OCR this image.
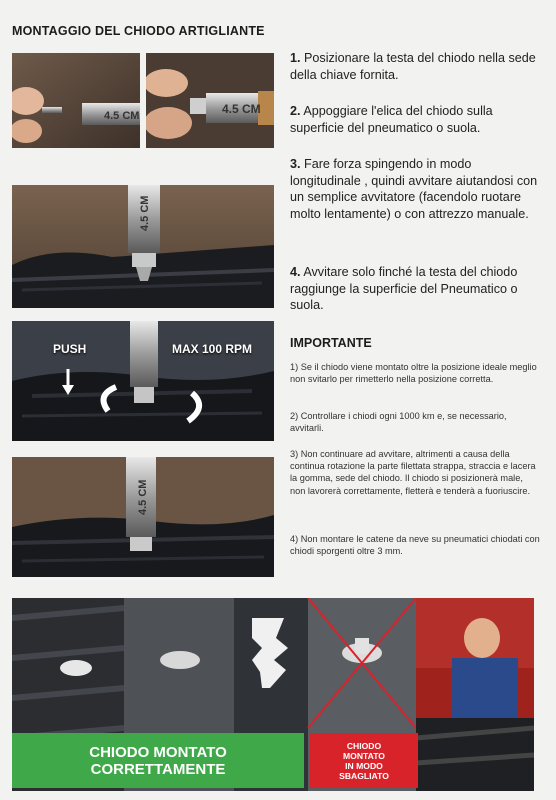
MONTAGGIO DEL CHIODO ARTIGLIANTE
4.5 CM	4.5 CM
4.5 CM
PUSH	MAX 100 RPM
4.5 CM
1. Posizionare la testa del chiodo nella sede della chiave fornita.
2. Appoggiare l'elica del chiodo sulla superficie del pneumatico o suola.
3. Fare forza spingendo in modo longitudinale , quindi avvitare aiutandosi con un semplice avvitatore (facendolo ruotare molto lentamente) o con attrezzo manuale.
4. Avvitare solo finché la testa del chiodo raggiunge la superficie del Pneumatico o suola.
IMPORTANTE
1) Se il chiodo viene montato oltre la posizione ideale meglio non svitarlo per rimetterlo nella posizione corretta.
2) Controllare i chiodi ogni 1000 km e, se necessario, avvitarli.
3) Non continuare ad avvitare, altrimenti a causa della continua rotazione la parte filettata strappa, straccia e lacera la gomma, sede del chiodo. Il chiodo si posizionerà male, non lavorerà correttamente, fletterà e tenderà a fuoriuscire.
4) Non montare le catene da neve su pneumatici chiodati con chiodi sporgenti oltre 3 mm.
CHIODO MONTATO
CORRETTAMENTE
CHIODO
MONTATO
IN MODO
SBAGLIATO
